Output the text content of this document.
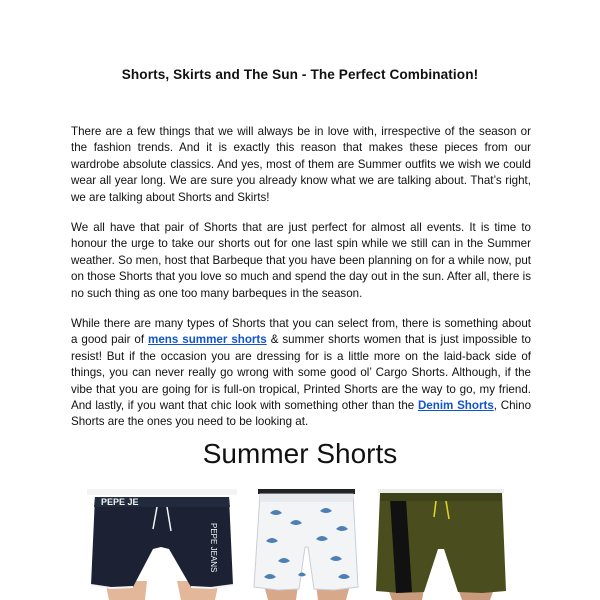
Shorts, Skirts and The Sun - The Perfect Combination!

There are a few things that we will always be in love with, irrespective of the season or the fashion trends. And it is exactly this reason that makes these pieces from our wardrobe absolute classics. And yes, most of them are Summer outfits we wish we could wear all year long. We are sure you already know what we are talking about. That’s right, we are talking about Shorts and Skirts!

We all have that pair of Shorts that are just perfect for almost all events. It is time to honour the urge to take our shorts out for one last spin while we still can in the Summer weather. So men, host that Barbeque that you have been planning on for a while now, put on those Shorts that you love so much and spend the day out in the sun. After all, there is no such thing as one too many barbeques in the season.

While there are many types of Shorts that you can select from, there is something about a good pair of mens summer shorts & summer shorts women that is just impossible to resist! But if the occasion you are dressing for is a little more on the laid-back side of things, you can never really go wrong with some good ol’ Cargo Shorts. Although, if the vibe that you are going for is full-on tropical, Printed Shorts are the way to go, my friend. And lastly, if you want that chic look with something other than the Denim Shorts, Chino Shorts are the ones you need to be looking at.

Summer Shorts
PEPE JEANS
PEPE JE
